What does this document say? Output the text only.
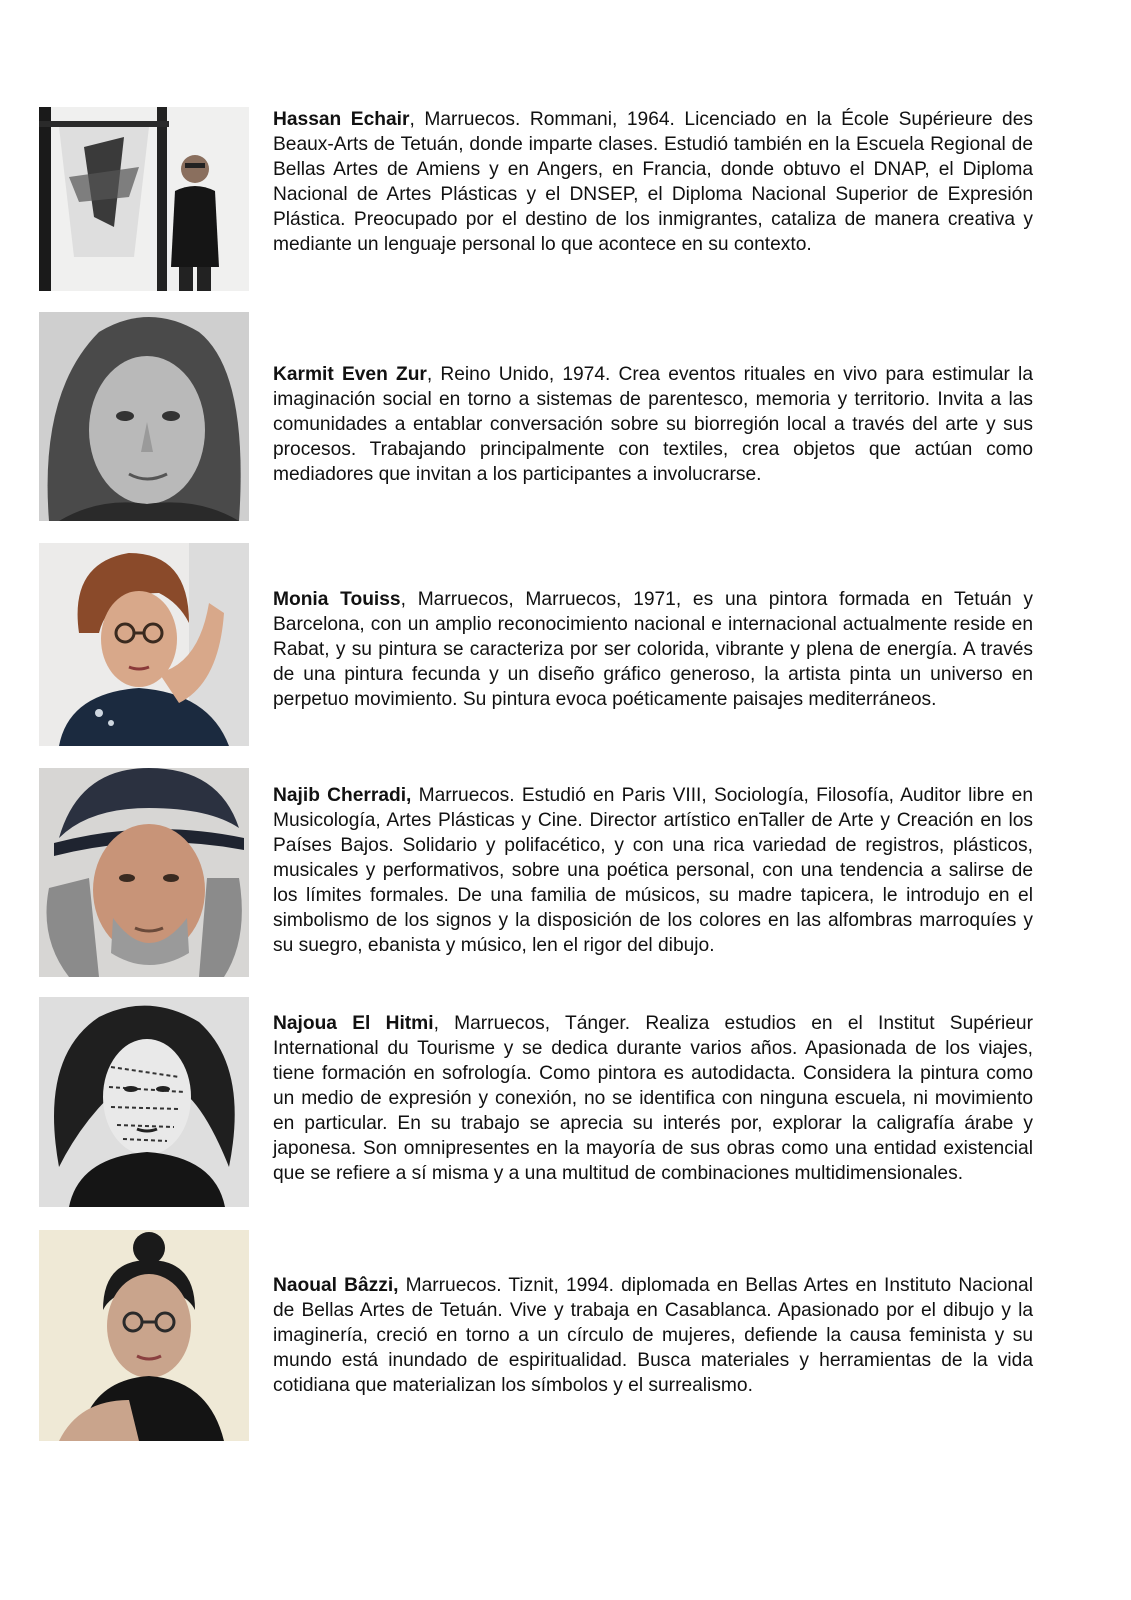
Hassan Echair, Marruecos. Rommani, 1964. Licenciado en la École Supérieure des Beaux-Arts de Tetuán, donde imparte clases. Estudió también en la Escuela Regional de Bellas Artes de Amiens y en Angers, en Francia, donde obtuvo el DNAP, el Diploma Nacional de Artes Plásticas y el DNSEP, el Diploma Nacional Superior de Expresión Plástica. Preocupado por el destino de los inmigrantes, cataliza de manera creativa y mediante un lenguaje personal lo que acontece en su contexto.

Karmit Even Zur, Reino Unido, 1974. Crea eventos rituales en vivo para estimular la imaginación social en torno a sistemas de parentesco, memoria y territorio. Invita a las comunidades a entablar conversación sobre su biorregión local a través del arte y sus procesos. Trabajando principalmente con textiles, crea objetos que actúan como mediadores que invitan a los participantes a involucrarse.

Monia Touiss, Marruecos, Marruecos, 1971, es una pintora formada en Tetuán y Barcelona, con un amplio reconocimiento nacional e internacional actualmente reside en Rabat, y su pintura se caracteriza por ser colorida, vibrante y plena de energía. A través de una pintura fecunda y un diseño gráfico generoso, la artista pinta un universo en perpetuo movimiento. Su pintura evoca poéticamente paisajes mediterráneos.

Najib Cherradi, Marruecos. Estudió en Paris VIII, Sociología, Filosofía, Auditor libre en Musicología, Artes Plásticas y Cine. Director artístico enTaller de Arte y Creación en los Países Bajos. Solidario y polifacético, y con una rica variedad de registros, plásticos, musicales y performativos, sobre una poética personal, con una tendencia a salirse de los límites formales. De una familia de músicos, su madre tapicera, le introdujo en el simbolismo de los signos y la disposición de los colores en las alfombras marroquíes y su suegro, ebanista y músico, len el rigor del dibujo.

Najoua El Hitmi, Marruecos, Tánger. Realiza estudios en el Institut Supérieur International du Tourisme y se dedica durante varios años. Apasionada de los viajes, tiene formación en sofrología. Como pintora es autodidacta. Considera la pintura como un medio de expresión y conexión, no se identifica con ninguna escuela, ni movimiento en particular. En su trabajo se aprecia su interés por, explorar la caligrafía árabe y japonesa. Son omnipresentes en la mayoría de sus obras como una entidad existencial que se refiere a sí misma y a una multitud de combinaciones multidimensionales.

Naoual Bâzzi, Marruecos. Tiznit, 1994. diplomada en Bellas Artes en Instituto Nacional de Bellas Artes de Tetuán. Vive y trabaja en Casablanca. Apasionado por el dibujo y la imaginería, creció en torno a un círculo de mujeres, defiende la causa feminista y su mundo está inundado de espiritualidad. Busca materiales y herramientas de la vida cotidiana que materializan los símbolos y el surrealismo.
